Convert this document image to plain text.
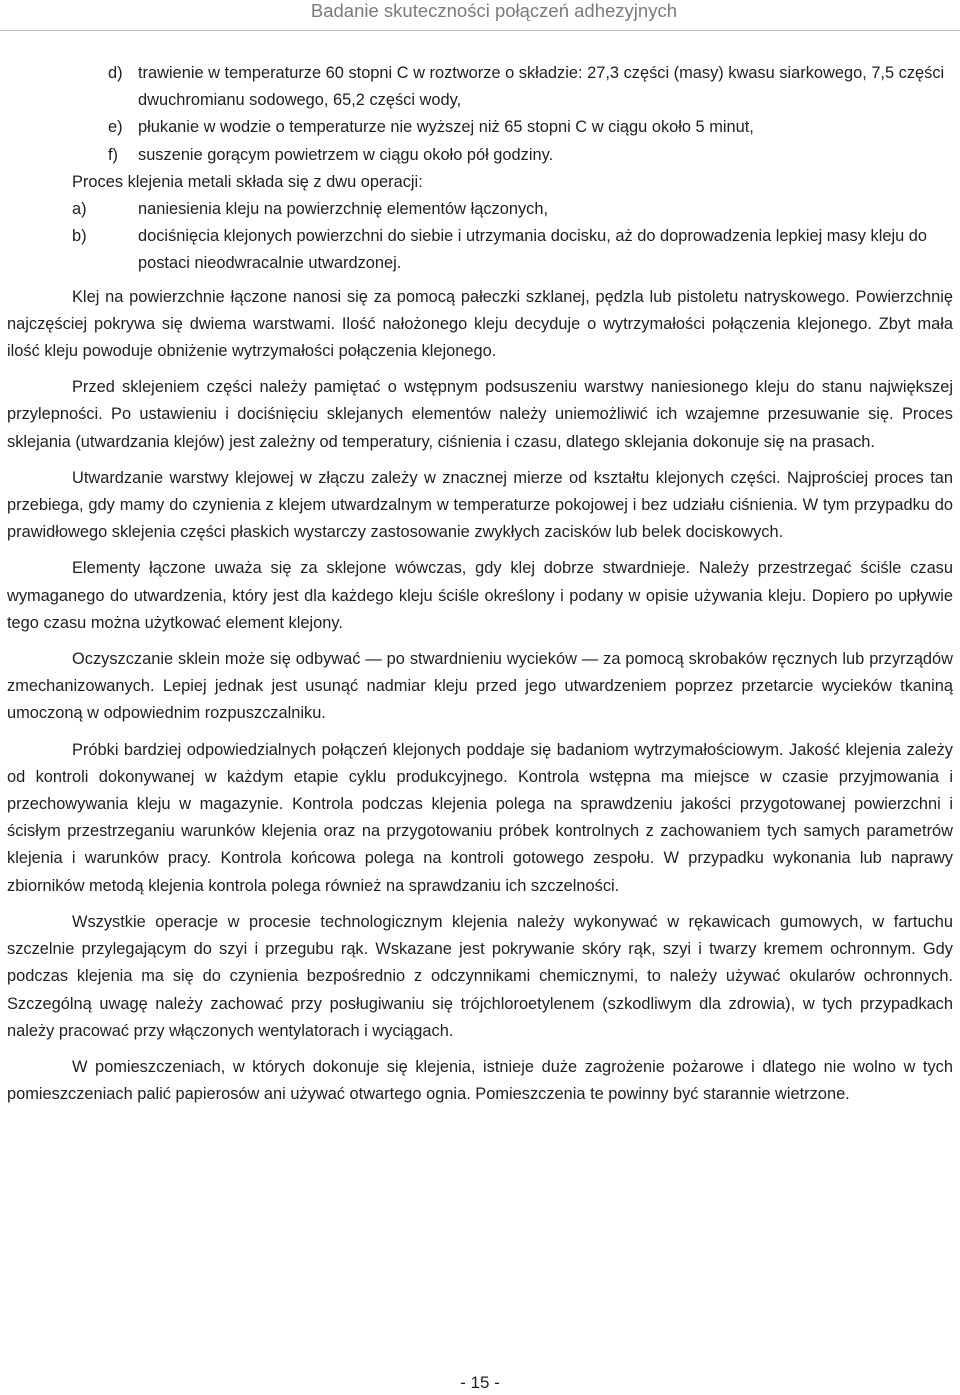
Badanie skuteczności połączeń adhezyjnych
d) trawienie w temperaturze 60 stopni C w roztworze o składzie: 27,3 części (masy) kwasu siarkowego, 7,5 części dwuchromianu sodowego, 65,2 części wody,
e) płukanie w wodzie o temperaturze nie wyższej niż 65 stopni C w ciągu około 5 minut,
f) suszenie gorącym powietrzem w ciągu około pół godziny.

Proces klejenia metali składa się z dwu operacji:

a)	naniesienia kleju na powierzchnię elementów łączonych,
b)	dociśnięcia klejonych powierzchni do siebie i utrzymania docisku, aż do doprowadzenia lepkiej masy kleju do postaci nieodwracalnie utwardzonej.

Klej na powierzchnie łączone nanosi się za pomocą pałeczki szklanej, pędzla lub pistoletu natryskowego. Powierzchnię najczęściej pokrywa się dwiema warstwami. Ilość nałożonego kleju decyduje o wytrzymałości połączenia klejonego. Zbyt mała ilość kleju powoduje obniżenie wytrzymałości połączenia klejonego.

Przed sklejeniem części należy pamiętać o wstępnym podsuszeniu warstwy naniesionego kleju do stanu największej przylepności. Po ustawieniu i dociśnięciu sklejanych elementów należy uniemożliwić ich wzajemne przesuwanie się. Proces sklejania (utwardzania klejów) jest zależny od temperatury, ciśnienia i czasu, dlatego sklejania dokonuje się na prasach.

Utwardzanie warstwy klejowej w złączu zależy w znacznej mierze od kształtu klejonych części. Najprościej proces tan przebiega, gdy mamy do czynienia z klejem utwardzalnym w temperaturze pokojowej i bez udziału ciśnienia. W tym przypadku do prawidłowego sklejenia części płaskich wystarczy zastosowanie zwykłych zacisków lub belek dociskowych.

Elementy łączone uważa się za sklejone wówczas, gdy klej dobrze stwardnieje. Należy przestrzegać ściśle czasu wymaganego do utwardzenia, który jest dla każdego kleju ściśle określony i podany w opisie używania kleju. Dopiero po upływie tego czasu można użytkować element klejony.

Oczyszczanie sklein może się odbywać — po stwardnieniu wycieków — za pomocą skrobaków ręcznych lub przyrządów zmechanizowanych. Lepiej jednak jest usunąć nadmiar kleju przed jego utwardzeniem poprzez przetarcie wycieków tkaniną umoczoną w odpowiednim rozpuszczalniku.

Próbki bardziej odpowiedzialnych połączeń klejonych poddaje się badaniom wytrzymałościowym. Jakość klejenia zależy od kontroli dokonywanej w każdym etapie cyklu produkcyjnego. Kontrola wstępna ma miejsce w czasie przyjmowania i przechowywania kleju w magazynie. Kontrola podczas klejenia polega na sprawdzeniu jakości przygotowanej powierzchni i ścisłym przestrzeganiu warunków klejenia oraz na przygotowaniu próbek kontrolnych z zachowaniem tych samych parametrów klejenia i warunków pracy. Kontrola końcowa polega na kontroli gotowego zespołu. W przypadku wykonania lub naprawy zbiorników metodą klejenia kontrola polega również na sprawdzaniu ich szczelności.

Wszystkie operacje w procesie technologicznym klejenia należy wykonywać w rękawicach gumowych, w fartuchu szczelnie przylegającym do szyi i przegubu rąk. Wskazane jest pokrywanie skóry rąk, szyi i twarzy kremem ochronnym. Gdy podczas klejenia ma się do czynienia bezpośrednio z odczynnikami chemicznymi, to należy używać okularów ochronnych. Szczególną uwagę należy zachować przy posługiwaniu się trójchloroetylenem (szkodliwym dla zdrowia), w tych przypadkach należy pracować przy włączonych wentylatorach i wyciągach.

W pomieszczeniach, w których dokonuje się klejenia, istnieje duże zagrożenie pożarowe i dlatego nie wolno w tych pomieszczeniach palić papierosów ani używać otwartego ognia. Pomieszczenia te powinny być starannie wietrzone.

- 15 -
